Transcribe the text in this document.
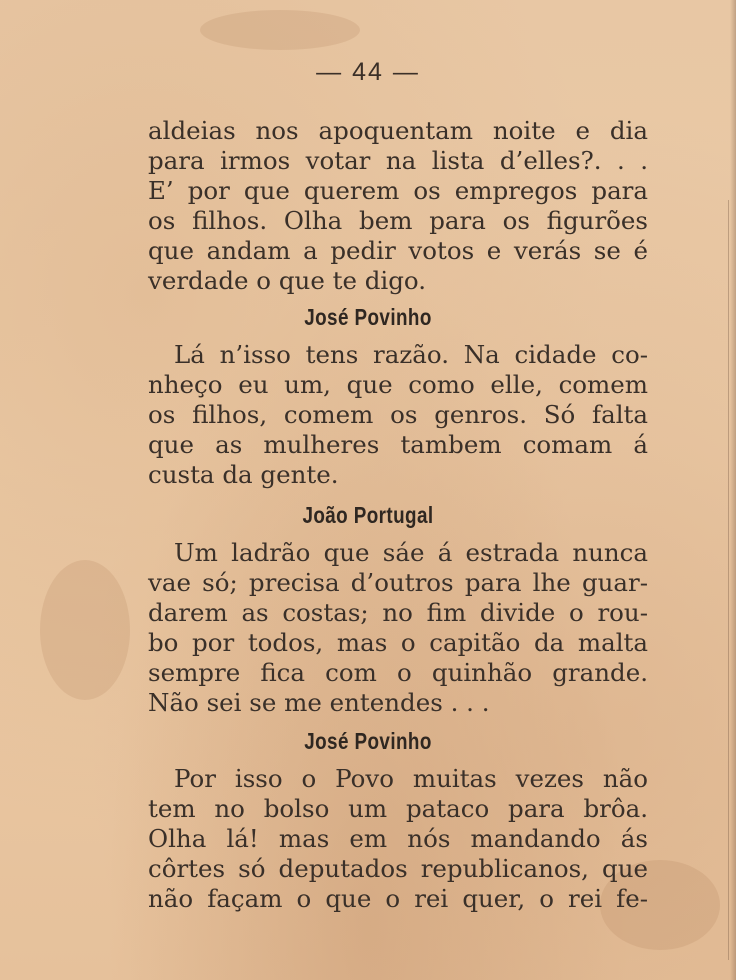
— 44 —
aldeias nos apoquentam noite e dia
para irmos votar na lista d’elles?. . .
E’ por que querem os empregos para
os filhos. Olha bem para os figurões
que andam a pedir votos e verás se é
verdade o que te digo.
José Povinho
Lá n’isso tens razão. Na cidade co-
nheço eu um, que como elle, comem
os filhos, comem os genros. Só falta
que as mulheres tambem comam á
custa da gente.
João Portugal
Um ladrão que sáe á estrada nunca
vae só; precisa d’outros para lhe guar-
darem as costas; no fim divide o rou-
bo por todos, mas o capitão da malta
sempre fica com o quinhão grande.
Não sei se me entendes . . .
José Povinho
Por isso o Povo muitas vezes não
tem no bolso um pataco para brôa.
Olha lá! mas em nós mandando ás
côrtes só deputados republicanos, que
não façam o que o rei quer, o rei fe-
